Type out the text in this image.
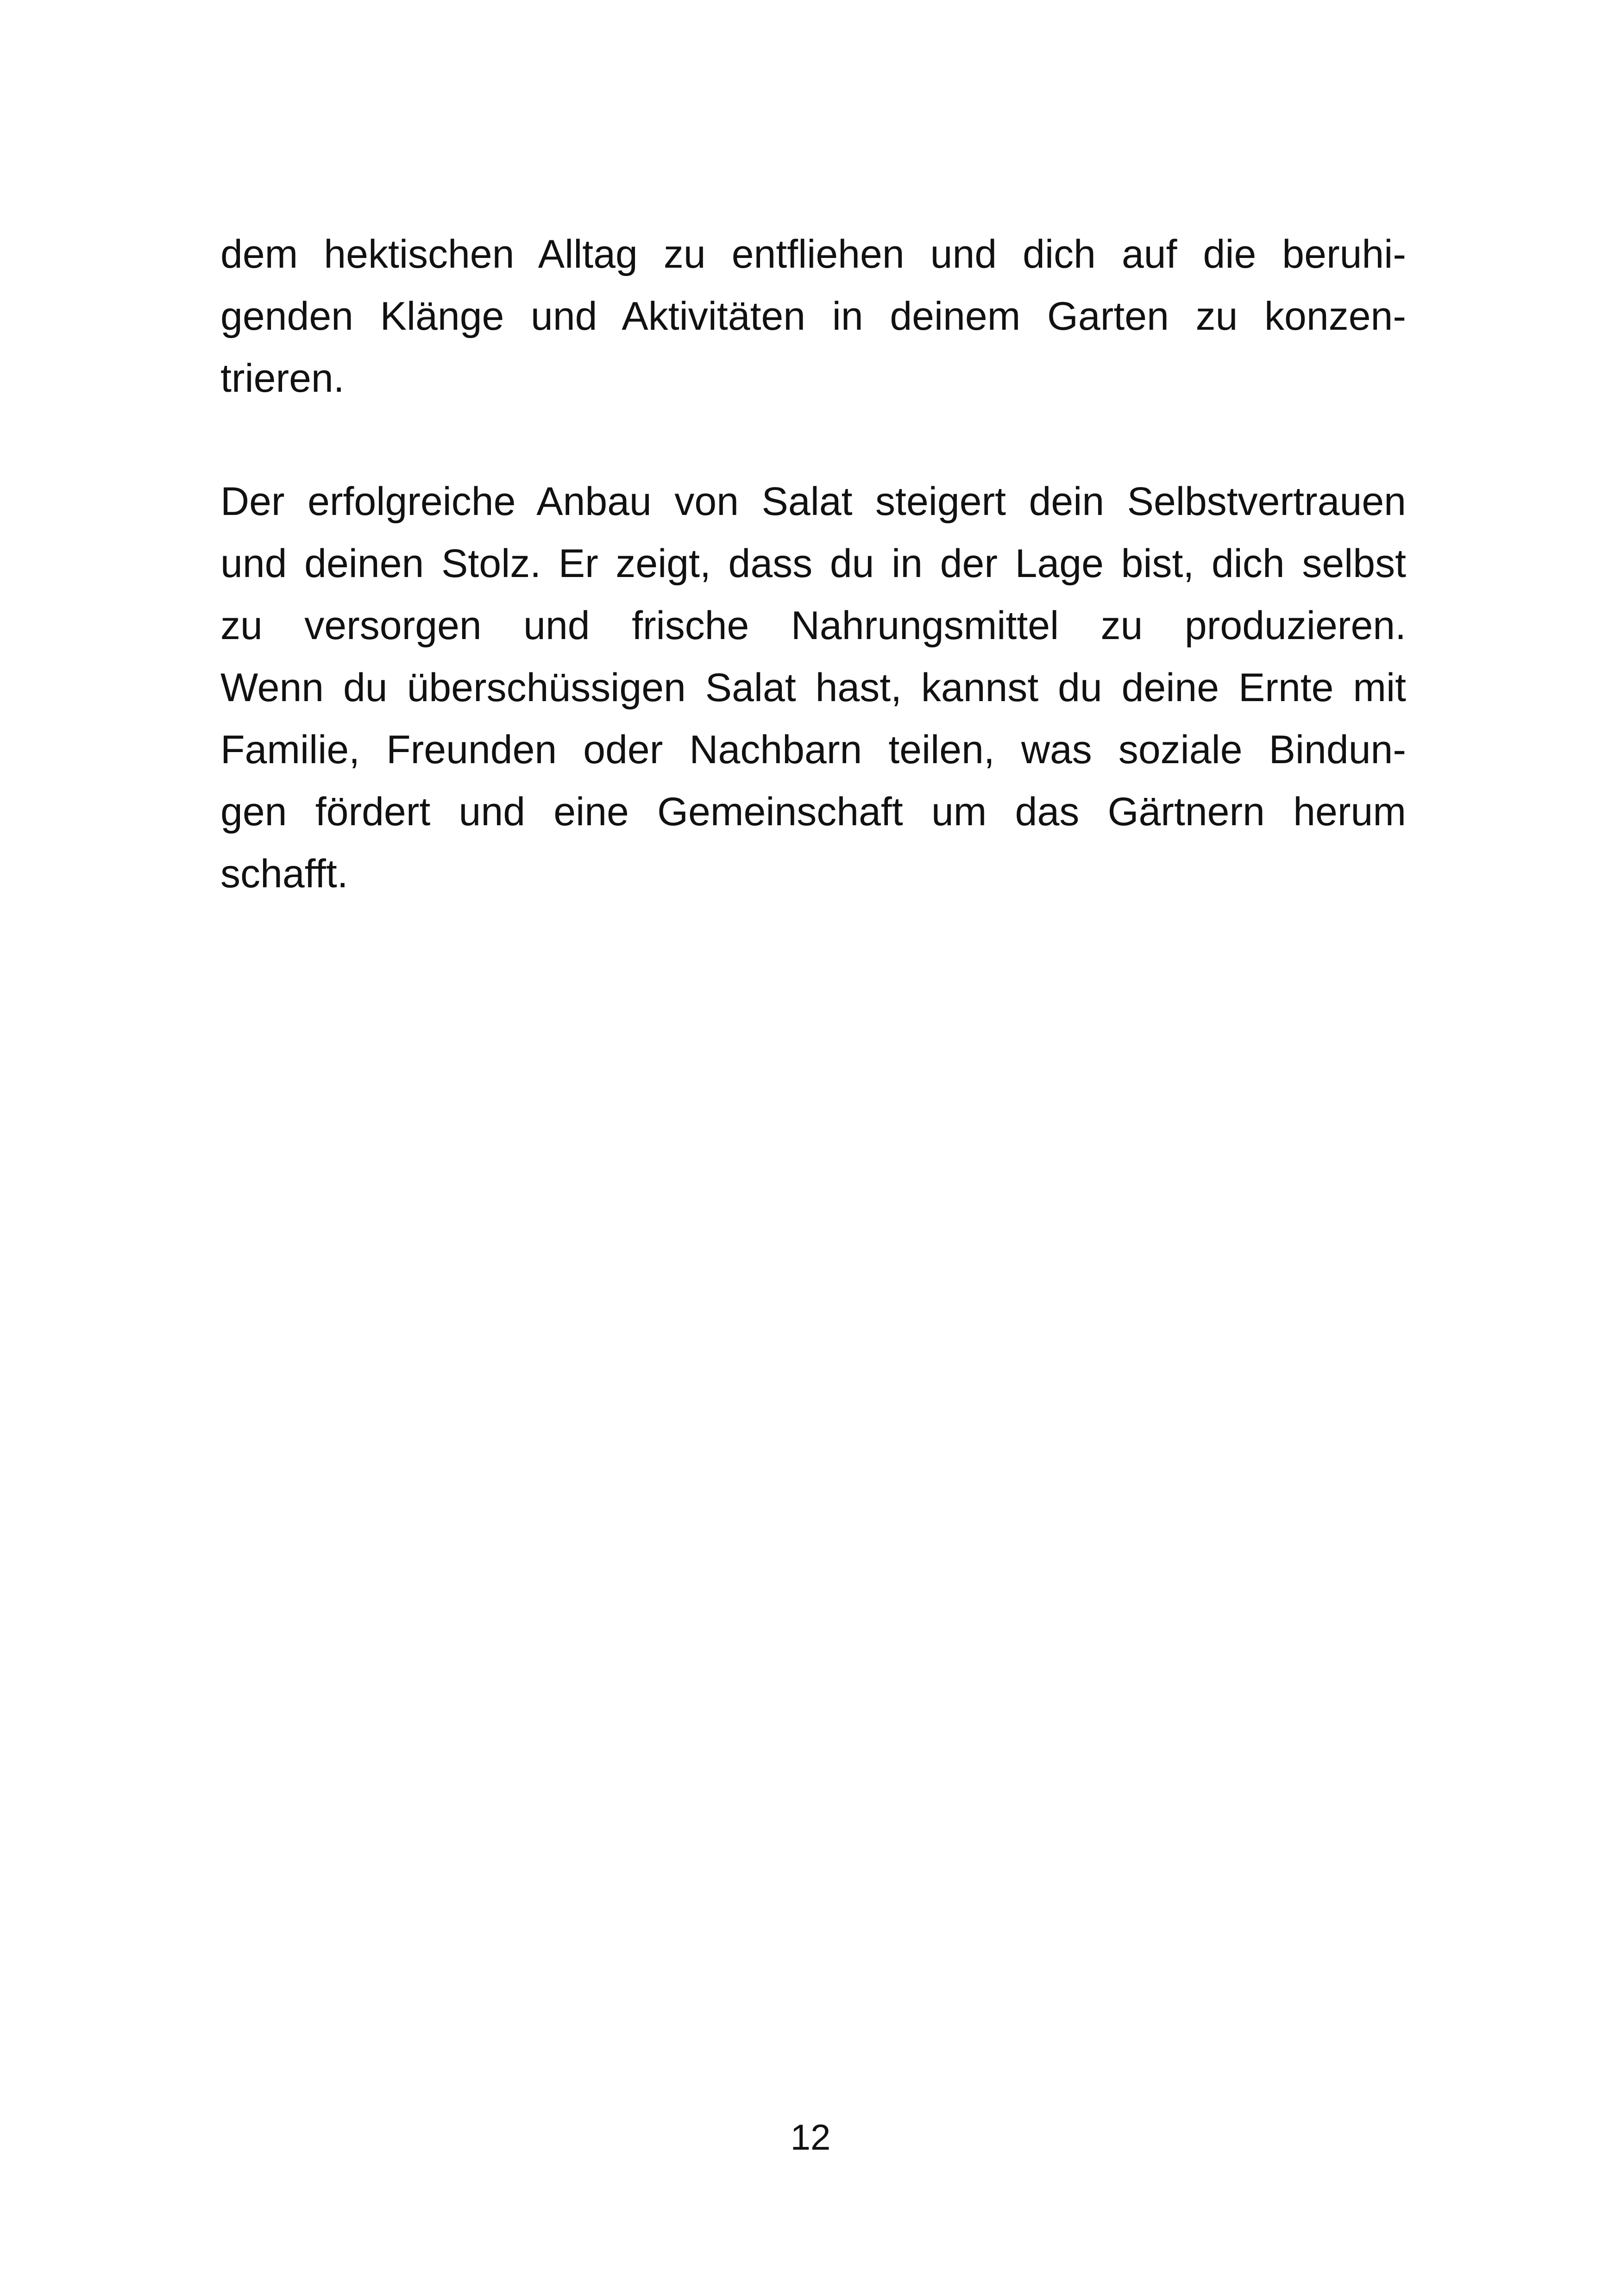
dem hektischen Alltag zu entfliehen und dich auf die beruhi-
genden Klänge und Aktivitäten in deinem Garten zu konzen-
trieren.
Der erfolgreiche Anbau von Salat steigert dein Selbstvertrauen
und deinen Stolz. Er zeigt, dass du in der Lage bist, dich selbst
zu versorgen und frische Nahrungsmittel zu produzieren.
Wenn du überschüssigen Salat hast, kannst du deine Ernte mit
Familie, Freunden oder Nachbarn teilen, was soziale Bindun-
gen fördert und eine Gemeinschaft um das Gärtnern herum
schafft.
12
